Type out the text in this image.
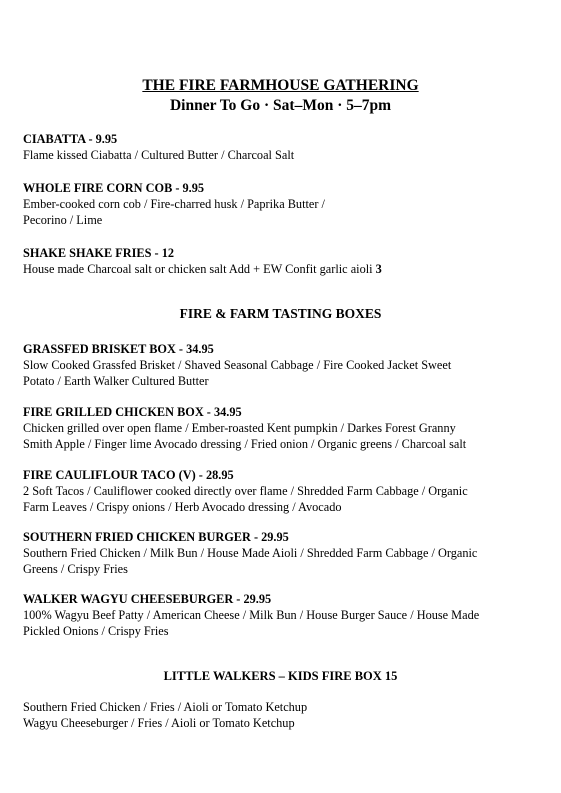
THE FIRE FARMHOUSE GATHERING
Dinner To Go · Sat–Mon · 5–7pm
CIABATTA - 9.95
Flame kissed Ciabatta / Cultured Butter / Charcoal Salt
WHOLE FIRE CORN COB - 9.95
Ember-cooked corn cob / Fire-charred husk / Paprika Butter /
Pecorino / Lime
SHAKE SHAKE FRIES - 12
House made Charcoal salt or chicken salt Add + EW Confit garlic aioli 3
FIRE & FARM TASTING BOXES
GRASSFED BRISKET BOX - 34.95
Slow Cooked Grassfed Brisket / Shaved Seasonal Cabbage / Fire Cooked Jacket Sweet
Potato / Earth Walker Cultured Butter
FIRE GRILLED CHICKEN BOX - 34.95
Chicken grilled over open flame / Ember-roasted Kent pumpkin / Darkes Forest Granny
Smith Apple / Finger lime Avocado dressing / Fried onion / Organic greens / Charcoal salt
FIRE CAULIFLOUR TACO (V) - 28.95
2 Soft Tacos / Cauliflower cooked directly over flame / Shredded Farm Cabbage / Organic
Farm Leaves / Crispy onions / Herb Avocado dressing / Avocado
SOUTHERN FRIED CHICKEN BURGER - 29.95
Southern Fried Chicken / Milk Bun / House Made Aioli / Shredded Farm Cabbage / Organic
Greens / Crispy Fries
WALKER WAGYU CHEESEBURGER - 29.95
100% Wagyu Beef Patty / American Cheese / Milk Bun / House Burger Sauce / House Made
Pickled Onions / Crispy Fries
LITTLE WALKERS – KIDS FIRE BOX 15
Southern Fried Chicken / Fries / Aioli or Tomato Ketchup
Wagyu Cheeseburger / Fries / Aioli or Tomato Ketchup
